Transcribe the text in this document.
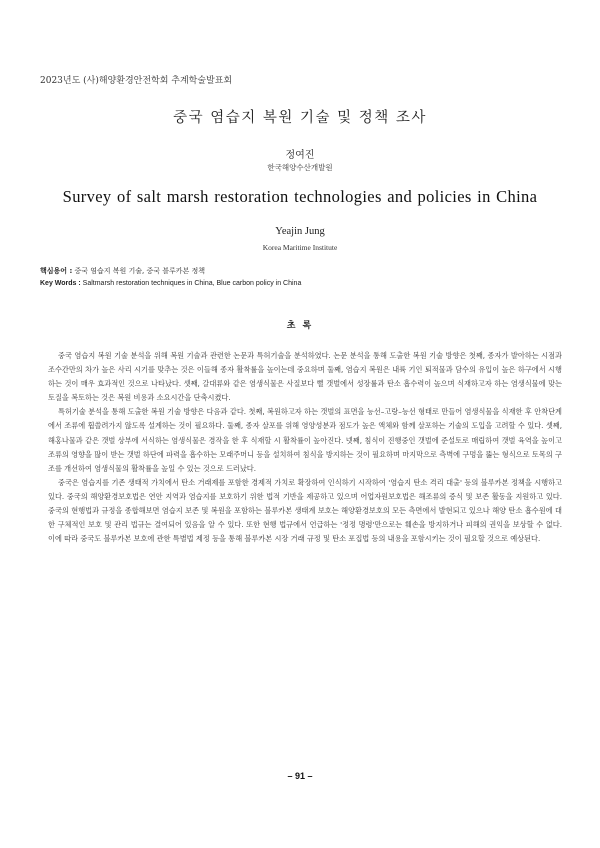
2023년도 (사)해양환경안전학회 추계학술발표회
중국 염습지 복원 기술 및 정책 조사
정여진
한국해양수산개발원
Survey of salt marsh restoration technologies and policies in China
Yeajin Jung
Korea Maritime Institute
핵심용어 : 중국 염습지 복원 기술, 중국 블루카본 정책
Key Words : Saltmarsh restoration techniques in China, Blue carbon policy in China
초 록

중국 염습지 복원 기술 분석을 위해 복원 기술과 관련한 논문과 특허기술을 분석하였다. 논문 분석을 통해 도출한 복원 기술 방향은 첫째, 종자가 발아하는 시점과 조수간만의 차가 높은 사리 시기를 맞추는 것은 이들해 종자 활착률을 높이는데 중요하며 둘째, 염습지 복원은 내륙 기인 퇴적물과 담수의 유입이 높은 하구에서 시행하는 것이 매우 효과적인 것으로 나타났다. 셋째, 갈대류와 같은 염생식물은 사질보다 뻘 갯벌에서 성장률과 탄소 흡수력이 높으며 식재하고자 하는 염생식물에 맞는 토질을 복토하는 것은 복원 비용과 소요시간을 단축시켰다.

특허기술 분석을 통해 도출한 복원 기술 방향은 다음과 같다. 첫째, 복원하고자 하는 갯벌의 표면을 능선–고랑–능선 형태로 만들어 염생식물을 식재한 후 안착단계에서 조류에 휩쓸려가지 않도록 설계하는 것이 필요하다. 둘째, 종자 살포를 위해 영양성분과 점도가 높은 액체와 함께 살포하는 기술의 도입을 고려할 수 있다. 셋째, 해홍나물과 같은 갯벌 상부에 서식하는 염생식물은 경작을 한 후 식재할 시 활착률이 높아진다. 넷째, 침식이 진행중인 갯벌에 준설토로 매립하여 갯벌 육역을 높이고 조류의 영향을 많이 받는 갯벌 하단에 파력을 흡수하는 모래주머니 등을 설치하여 침식을 방지하는 것이 필요하며 마지막으로 측벽에 구멍을 뚫는 형식으로 토목의 구조를 개선하여 염생식물의 활착률을 높일 수 있는 것으로 드러났다.

중국은 염습지를 기존 생태적 가치에서 탄소 거래제를 포함한 경제적 가치로 확장하여 인식하기 시작하여 '염습지 탄소 격리 대출' 등의 블루카본 정책을 시행하고 있다. 중국의 해양환경보호법은 연안 지역과 염습지를 보호하기 위한 법적 기반을 제공하고 있으며 어업자원보호법은 해조류의 증식 및 보존 활동을 지원하고 있다. 중국의 현행법과 규정을 종합해보면 염습지 보존 및 복원을 포함하는 블루카본 생태계 보호는 해양환경보호의 모든 측면에서 발현되고 있으나 해양 탄소 흡수원에 대한 구체적인 보호 및 관리 법규는 결여되어 있음을 알 수 있다. 또한 현행 법규에서 언급하는 '정정 명령'만으로는 훼손을 방지하거나 피해의 권익을 보상할 수 없다. 이에 따라 중국도 블루카본 보호에 관한 특별법 제정 등을 통해 블루카본 시장 거래 규정 및 탄소 포집법 등의 내용을 포함시키는 것이 필요할 것으로 예상된다.

– 91 –
